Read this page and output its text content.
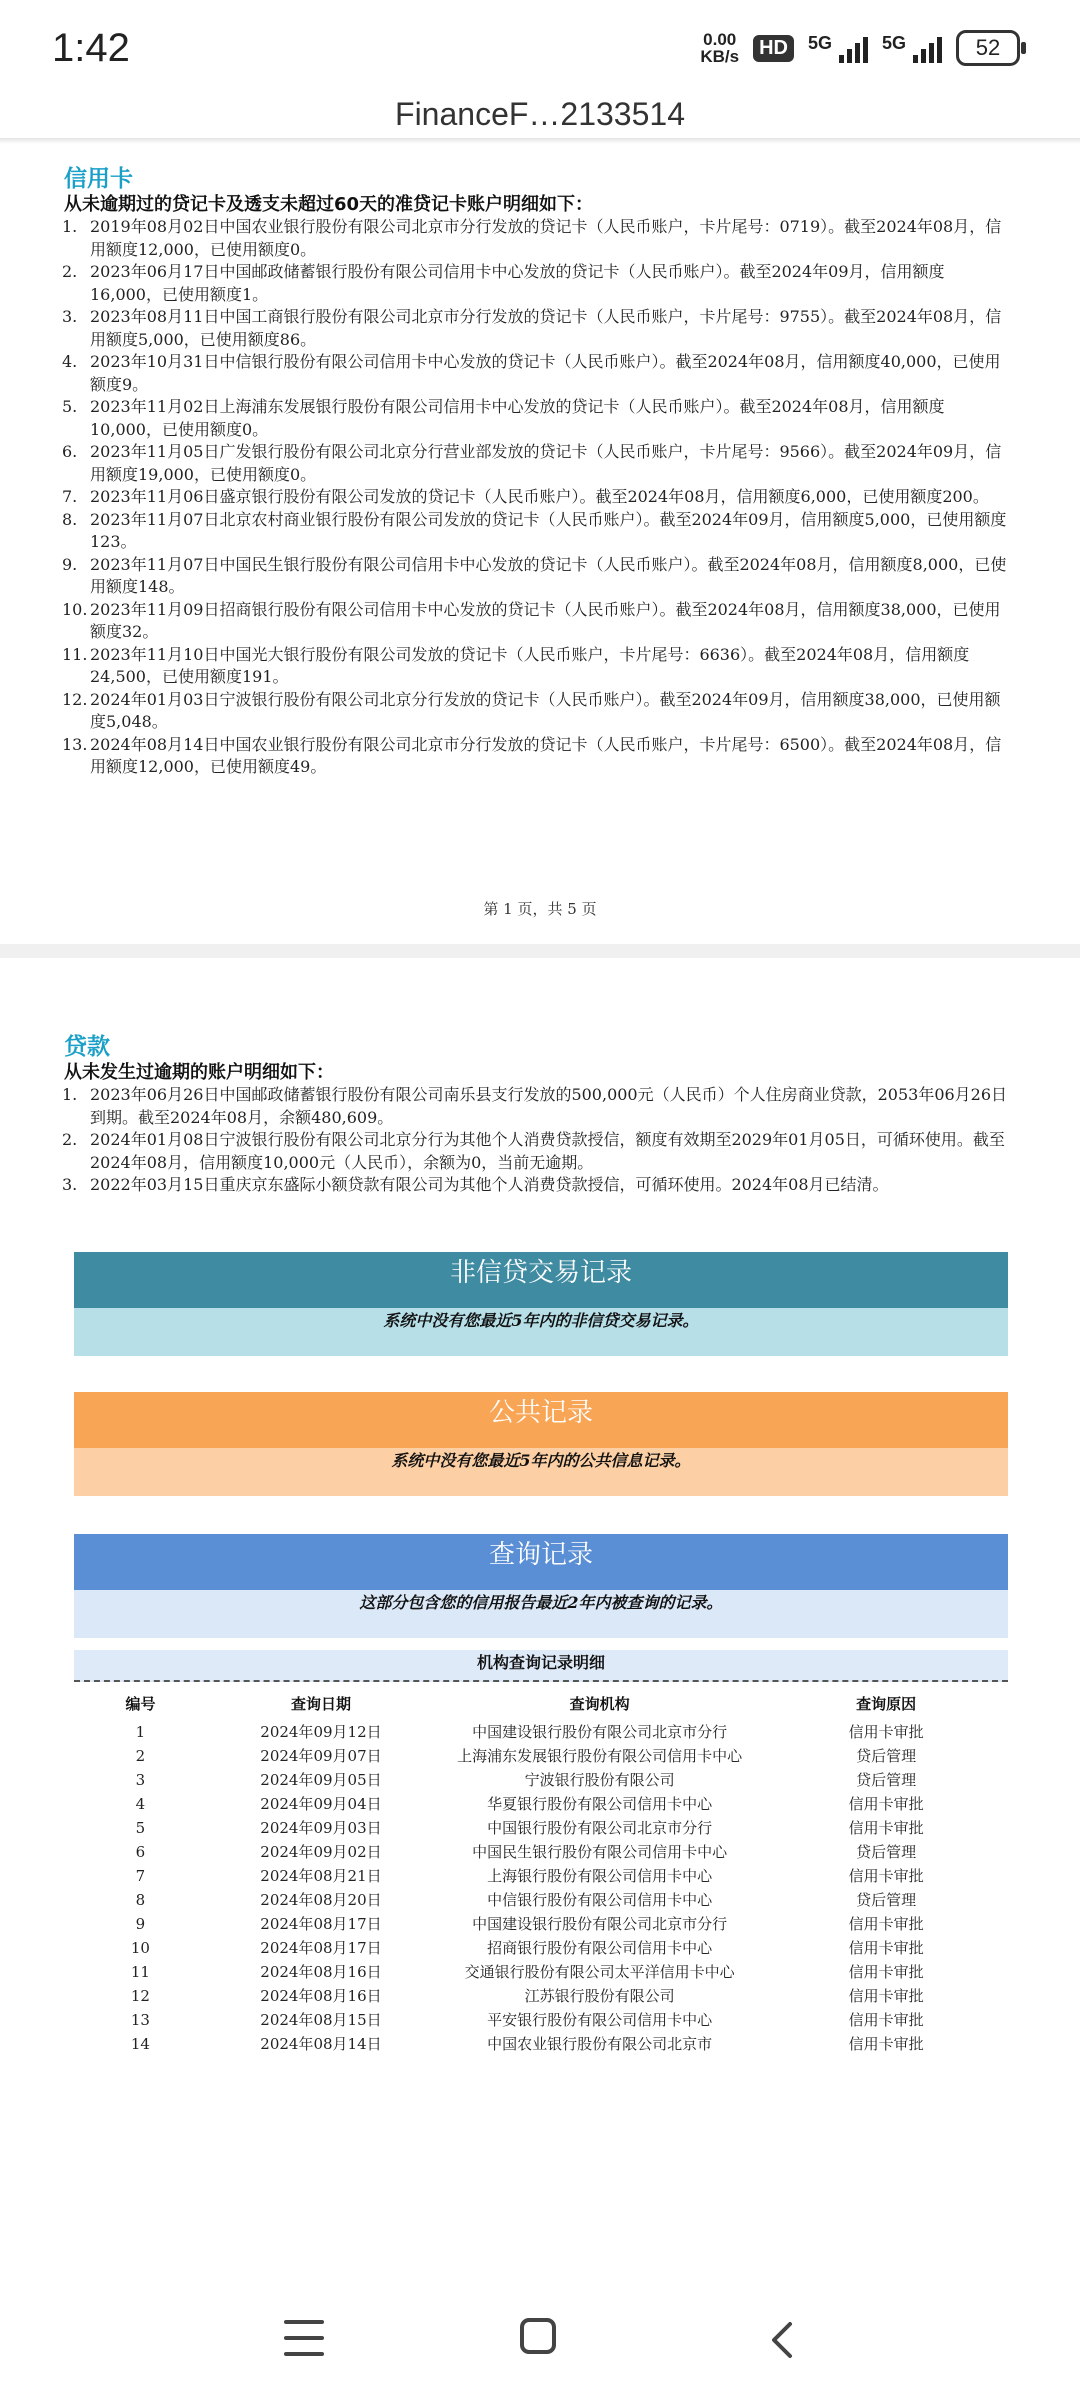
1:42	0.00
KB/s	HD	5G	5G	52
FinanceF…2133514
信用卡
从未逾期过的贷记卡及透支未超过60天的准贷记卡账户明细如下：
1. 2019年08月02日中国农业银行股份有限公司北京市分行发放的贷记卡（人民币账户，卡片尾号：0719）。截至2024年08月，信用额度12,000，已使用额度0。
2. 2023年06月17日中国邮政储蓄银行股份有限公司信用卡中心发放的贷记卡（人民币账户）。截至2024年09月，信用额度16,000，已使用额度1。
3. 2023年08月11日中国工商银行股份有限公司北京市分行发放的贷记卡（人民币账户，卡片尾号：9755）。截至2024年08月，信用额度5,000，已使用额度86。
4. 2023年10月31日中信银行股份有限公司信用卡中心发放的贷记卡（人民币账户）。截至2024年08月，信用额度40,000，已使用额度9。
5. 2023年11月02日上海浦东发展银行股份有限公司信用卡中心发放的贷记卡（人民币账户）。截至2024年08月，信用额度10,000，已使用额度0。
6. 2023年11月05日广发银行股份有限公司北京分行营业部发放的贷记卡（人民币账户，卡片尾号：9566）。截至2024年09月，信用额度19,000，已使用额度0。
7. 2023年11月06日盛京银行股份有限公司发放的贷记卡（人民币账户）。截至2024年08月，信用额度6,000，已使用额度200。
8. 2023年11月07日北京农村商业银行股份有限公司发放的贷记卡（人民币账户）。截至2024年09月，信用额度5,000，已使用额度123。
9. 2023年11月07日中国民生银行股份有限公司信用卡中心发放的贷记卡（人民币账户）。截至2024年08月，信用额度8,000，已使用额度148。
10. 2023年11月09日招商银行股份有限公司信用卡中心发放的贷记卡（人民币账户）。截至2024年08月，信用额度38,000，已使用额度32。
11. 2023年11月10日中国光大银行股份有限公司发放的贷记卡（人民币账户，卡片尾号：6636）。截至2024年08月，信用额度24,500，已使用额度191。
12. 2024年01月03日宁波银行股份有限公司北京分行发放的贷记卡（人民币账户）。截至2024年09月，信用额度38,000，已使用额度5,048。
13. 2024年08月14日中国农业银行股份有限公司北京市分行发放的贷记卡（人民币账户，卡片尾号：6500）。截至2024年08月，信用额度12,000，已使用额度49。
第 1 页，共 5 页
贷款
从未发生过逾期的账户明细如下：
1. 2023年06月26日中国邮政储蓄银行股份有限公司南乐县支行发放的500,000元（人民币）个人住房商业贷款，2053年06月26日到期。截至2024年08月，余额480,609。
2. 2024年01月08日宁波银行股份有限公司北京分行为其他个人消费贷款授信，额度有效期至2029年01月05日，可循环使用。截至2024年08月，信用额度10,000元（人民币），余额为0，当前无逾期。
3. 2022年03月15日重庆京东盛际小额贷款有限公司为其他个人消费贷款授信，可循环使用。2024年08月已结清。
非信贷交易记录
系统中没有您最近5年内的非信贷交易记录。
公共记录
系统中没有您最近5年内的公共信息记录。
查询记录
这部分包含您的信用报告最近2年内被查询的记录。
机构查询记录明细
编号	查询日期	查询机构	查询原因
1	2024年09月12日	中国建设银行股份有限公司北京市分行	信用卡审批
2	2024年09月07日	上海浦东发展银行股份有限公司信用卡中心	贷后管理
3	2024年09月05日	宁波银行股份有限公司	贷后管理
4	2024年09月04日	华夏银行股份有限公司信用卡中心	信用卡审批
5	2024年09月03日	中国银行股份有限公司北京市分行	信用卡审批
6	2024年09月02日	中国民生银行股份有限公司信用卡中心	贷后管理
7	2024年08月21日	上海银行股份有限公司信用卡中心	信用卡审批
8	2024年08月20日	中信银行股份有限公司信用卡中心	贷后管理
9	2024年08月17日	中国建设银行股份有限公司北京市分行	信用卡审批
10	2024年08月17日	招商银行股份有限公司信用卡中心	信用卡审批
11	2024年08月16日	交通银行股份有限公司太平洋信用卡中心	信用卡审批
12	2024年08月16日	江苏银行股份有限公司	信用卡审批
13	2024年08月15日	平安银行股份有限公司信用卡中心	信用卡审批
14	2024年08月14日	中国农业银行股份有限公司北京市	信用卡审批
